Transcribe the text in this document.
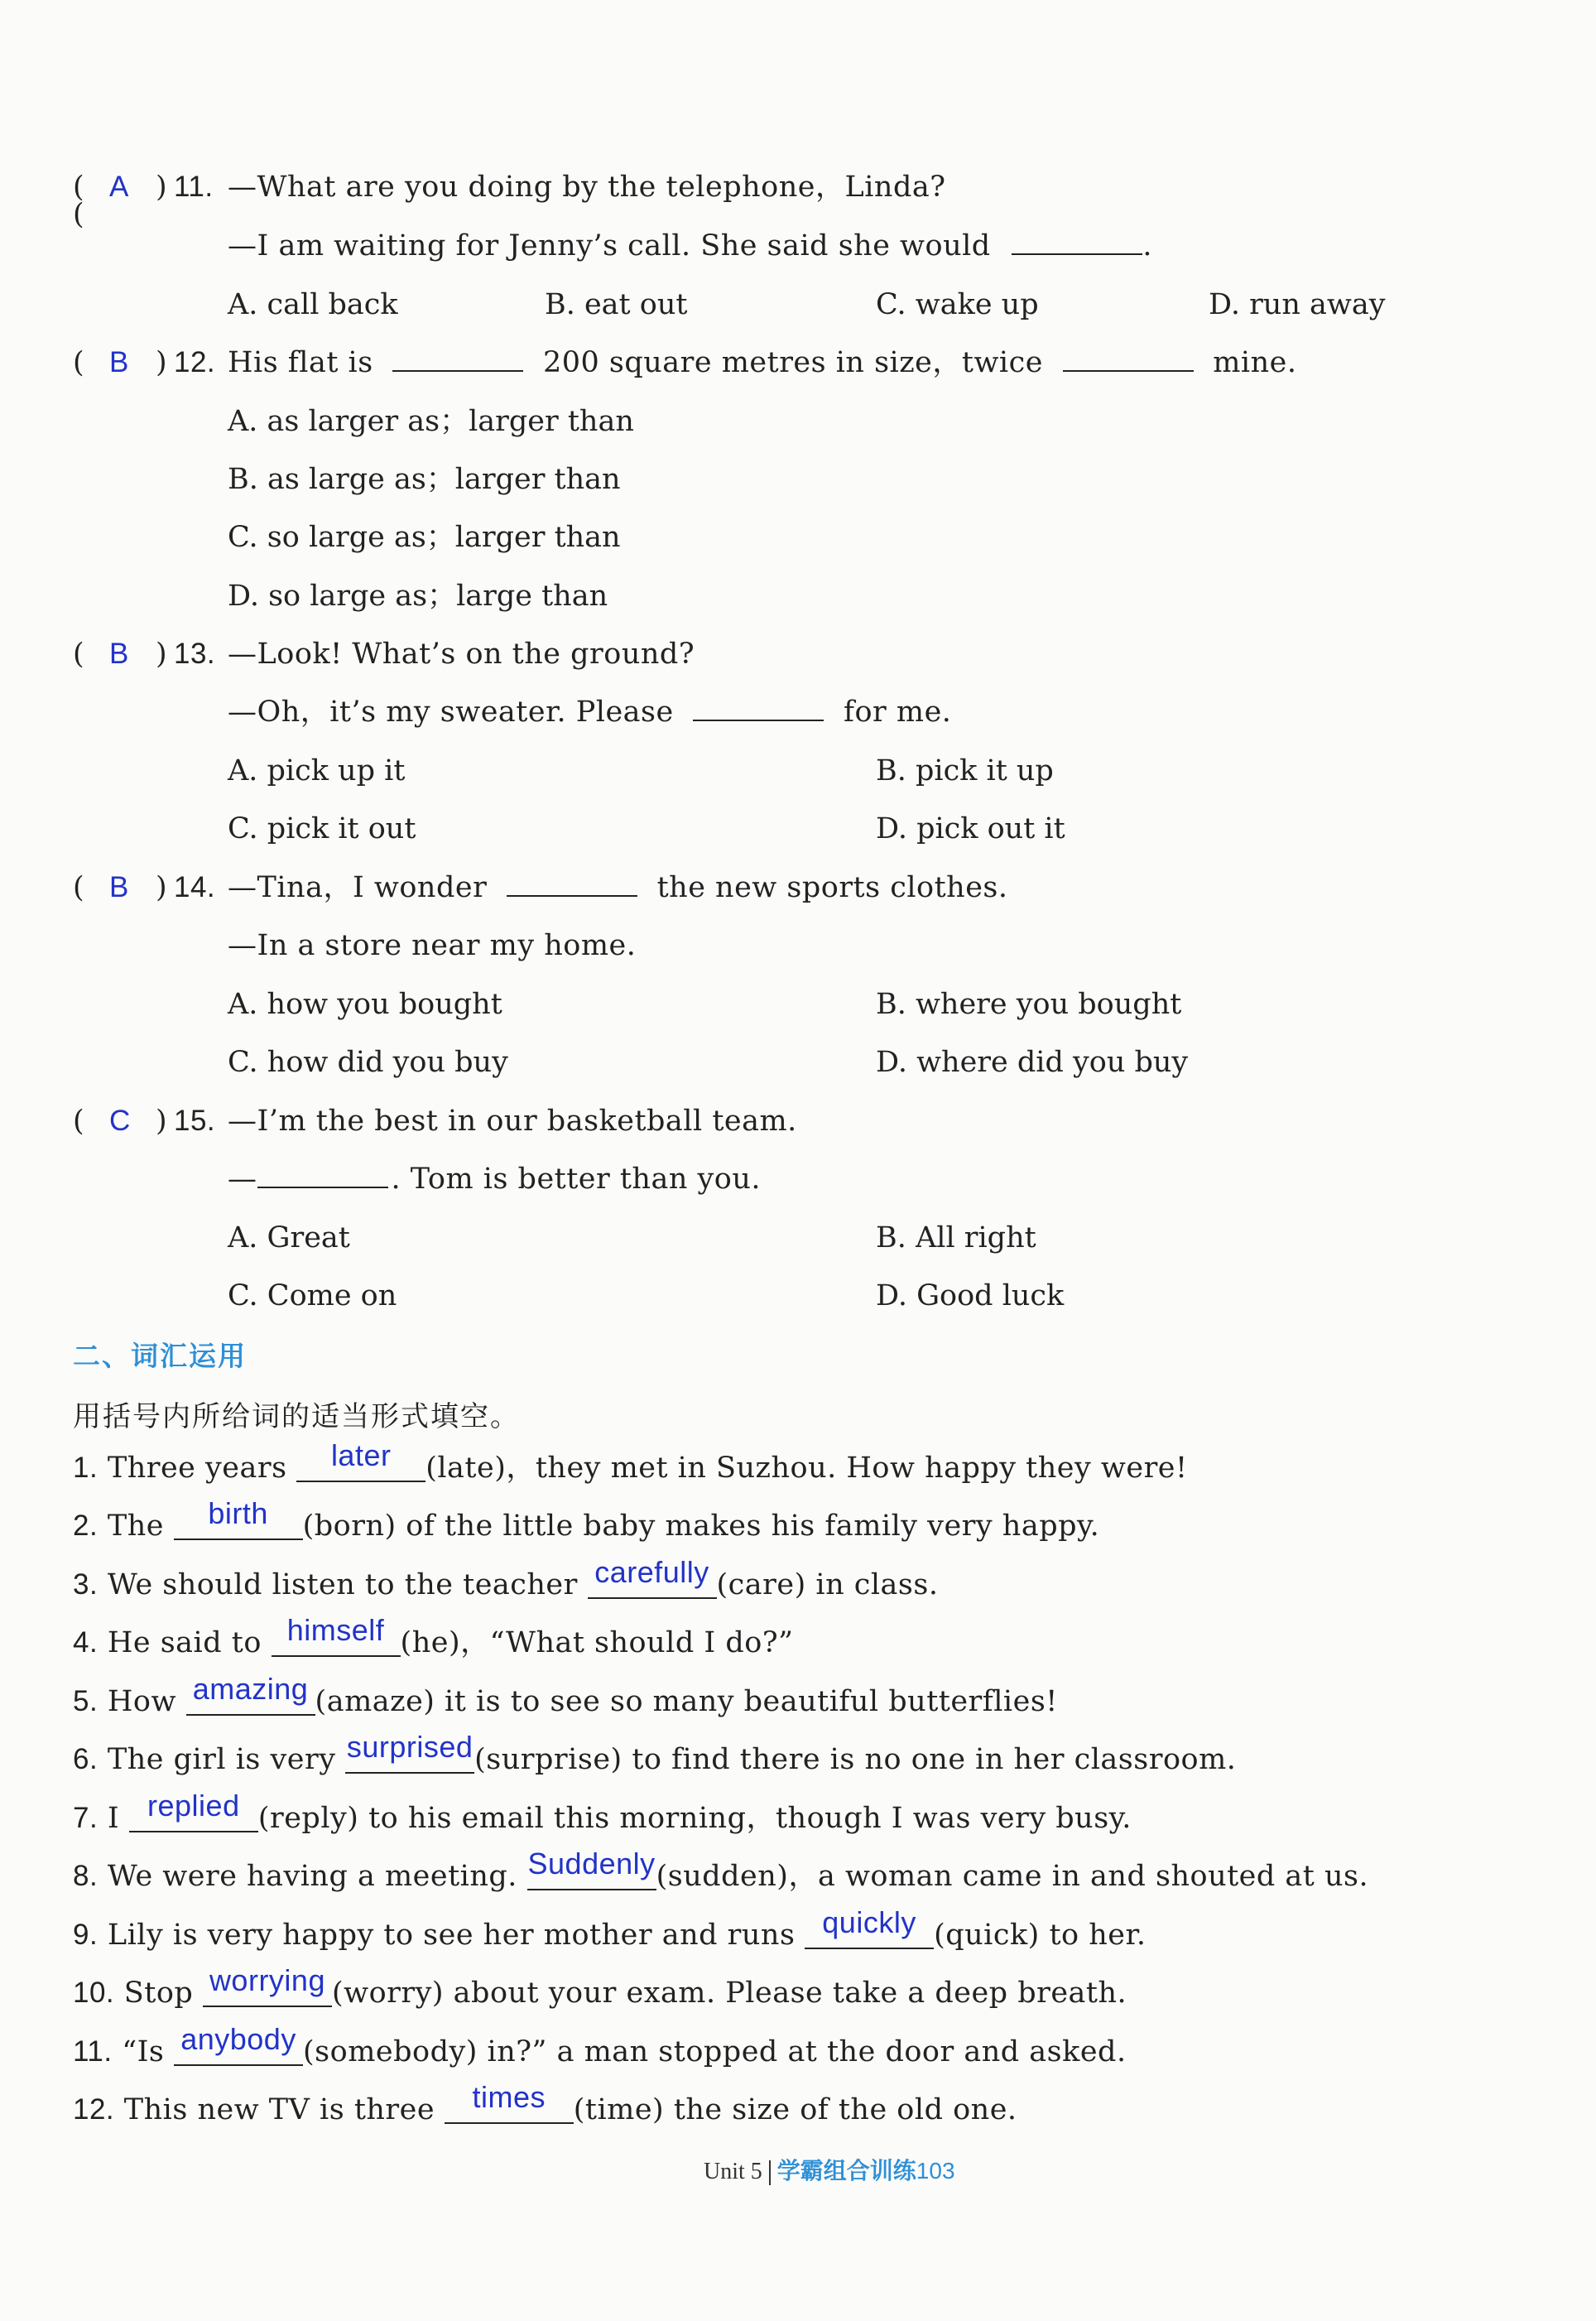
(
( A ) 11. —What are you doing by the telephone，Linda?
—I am waiting for Jenny’s call. She said she would	.
A. call back	B. eat out	C. wake up	D. run away
( B ) 12. His flat is	200 square metres in size，twice	mine.
A. as larger as；larger than
B. as large as；larger than
C. so large as；larger than
D. so large as；large than
( B ) 13. —Look! What’s on the ground?
—Oh，it’s my sweater. Please	for me.
A. pick up it	B. pick it up
C. pick it out	D. pick out it
( B ) 14. —Tina，I wonder	the new sports clothes.
—In a store near my home.
A. how you bought	B. where you bought
C. how did you buy	D. where did you buy
( C ) 15. —I’m the best in our basketball team.
—	. Tom is better than you.
A. Great	B. All right
C. Come on	D. Good luck
二、词汇运用
用括号内所给词的适当形式填空。
1. Three years later (late)，they met in Suzhou. How happy they were!
2. The birth (born) of the little baby makes his family very happy.
3. We should listen to the teacher carefully (care) in class.
4. He said to himself (he)，“What should I do?”
5. How amazing (amaze) it is to see so many beautiful butterflies!
6. The girl is very surprised(surprise) to find there is no one in her classroom.
7. I replied (reply) to his email this morning，though I was very busy.
8. We were having a meeting. Suddenly(sudden)，a woman came in and shouted at us.
9. Lily is very happy to see her mother and runs quickly (quick) to her.
10. Stop worrying (worry) about your exam. Please take a deep breath.
11. “Is anybody (somebody) in?” a man stopped at the door and asked.
12. This new TV is three times (time) the size of the old one.
Unit 5 学霸组合训练103
